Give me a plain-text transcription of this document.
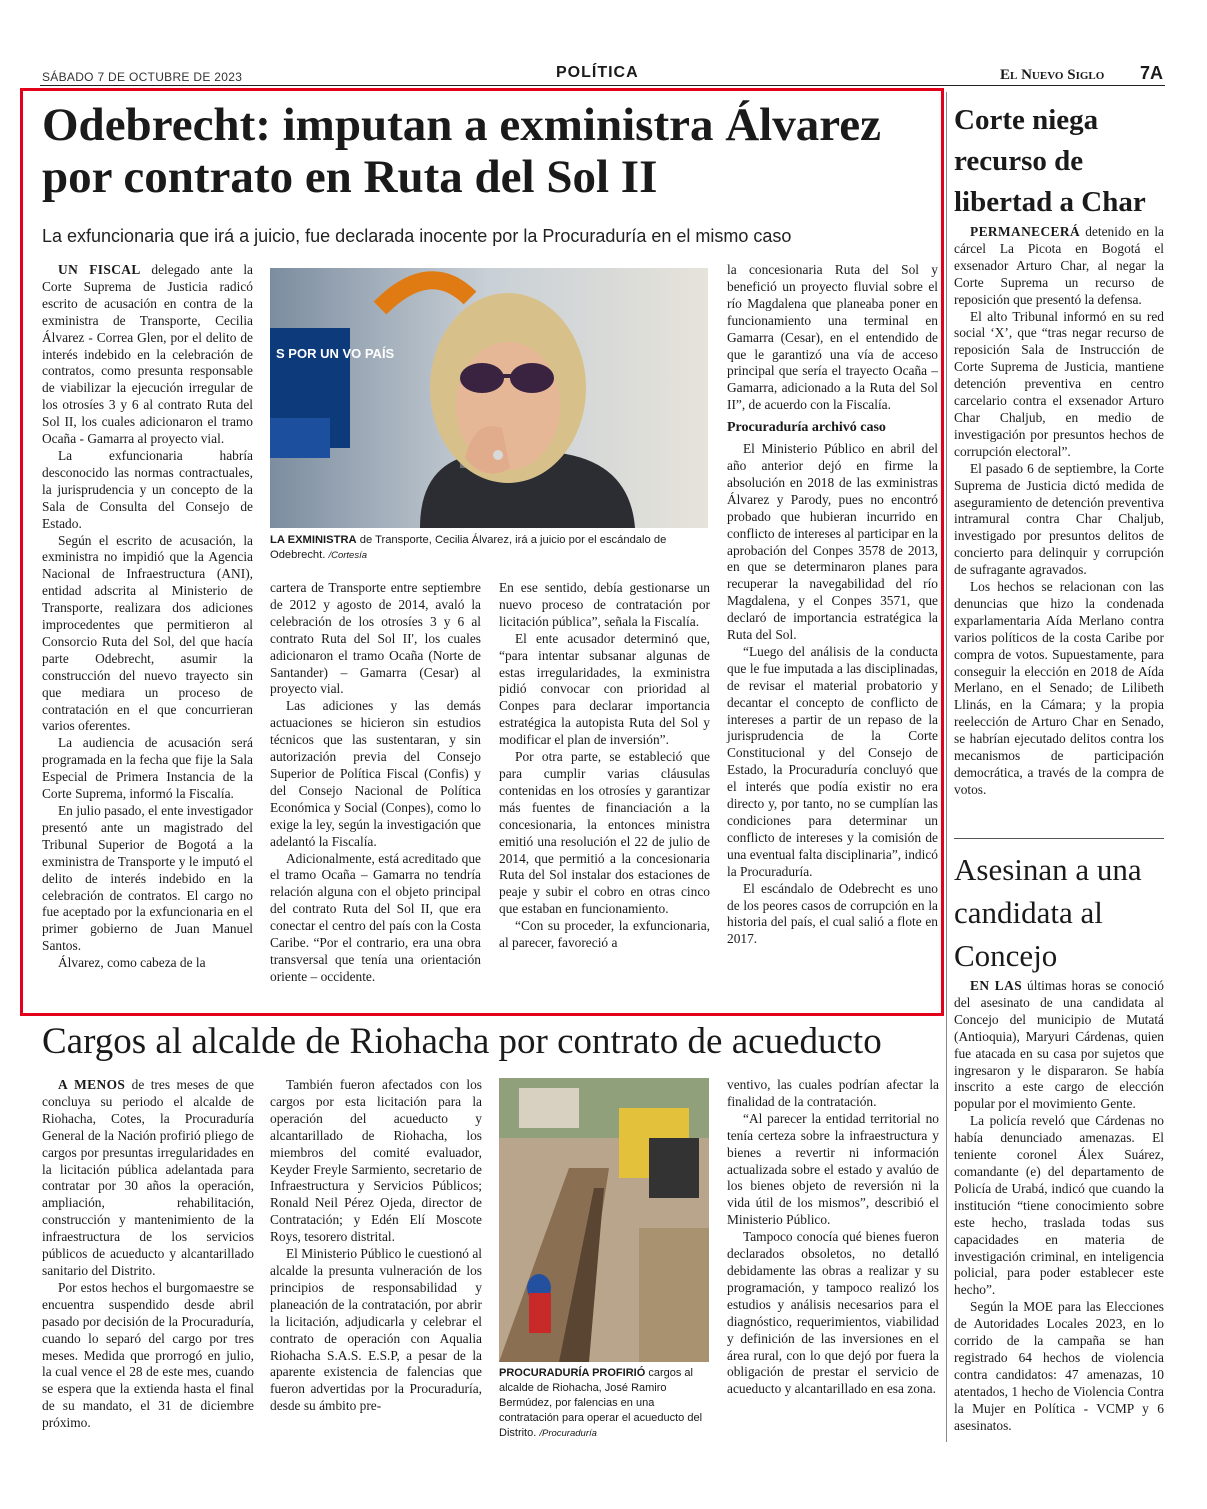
SÁBADO 7 DE OCTUBRE DE 2023	POLÍTICA	El Nuevo Siglo 7A
Odebrecht: imputan a exministra Álvarez por contrato en Ruta del Sol II
La exfuncionaria que irá a juicio, fue declarada inocente por la Procuraduría en el mismo caso

UN FISCAL delegado ante la Corte Suprema de Justicia radicó escrito de acusación en contra de la exministra de Transporte, Cecilia Álvarez - Correa Glen, por el delito de interés indebido en la celebración de contratos, como presunta responsable de viabilizar la ejecución irregular de los otrosíes 3 y 6 al contrato Ruta del Sol II, los cuales adicionaron el tramo Ocaña - Gamarra al proyecto vial.

La exfuncionaria habría desconocido las normas contractuales, la jurisprudencia y un concepto de la Sala de Consulta del Consejo de Estado.

Según el escrito de acusación, la exministra no impidió que la Agencia Nacional de Infraestructura (ANI), entidad adscrita al Ministerio de Transporte, realizara dos adiciones improcedentes que permitieron al Consorcio Ruta del Sol, del que hacía parte Odebrecht, asumir la construcción del nuevo trayecto sin que mediara un proceso de contratación en el que concurrieran varios oferentes.

La audiencia de acusación será programada en la fecha que fije la Sala Especial de Primera Instancia de la Corte Suprema, informó la Fiscalía.

En julio pasado, el ente investigador presentó ante un magistrado del Tribunal Superior de Bogotá a la exministra de Transporte y le imputó el delito de interés indebido en la celebración de contratos. El cargo no fue aceptado por la exfuncionaria en el primer gobierno de Juan Manuel Santos.

Álvarez, como cabeza de la

S POR UN VO PAÍS
LA EXMINISTRA de Transporte, Cecilia Álvarez, irá a juicio por el escándalo de Odebrecht. /Cortesía

cartera de Transporte entre septiembre de 2012 y agosto de 2014, avaló la celebración de los otrosíes 3 y 6 al contrato Ruta del Sol II', los cuales adicionaron el tramo Ocaña (Norte de Santander) – Gamarra (Cesar) al proyecto vial.

Las adiciones y las demás actuaciones se hicieron sin estudios técnicos que las sustentaran, y sin autorización previa del Consejo Superior de Política Fiscal (Confis) y del Consejo Nacional de Política Económica y Social (Conpes), como lo exige la ley, según la investigación que adelantó la Fiscalía.

Adicionalmente, está acreditado que el tramo Ocaña – Gamarra no tendría relación alguna con el objeto principal del contrato Ruta del Sol II, que era conectar el centro del país con la Costa Caribe. “Por el contrario, era una obra transversal que tenía una orientación oriente – occidente.

En ese sentido, debía gestionarse un nuevo proceso de contratación por licitación pública”, señala la Fiscalía.

El ente acusador determinó que, “para intentar subsanar algunas de estas irregularidades, la exministra pidió convocar con prioridad al Conpes para declarar importancia estratégica la autopista Ruta del Sol y modificar el plan de inversión”.

Por otra parte, se estableció que para cumplir varias cláusulas contenidas en los otrosíes y garantizar más fuentes de financiación a la concesionaria, la entonces ministra emitió una resolución el 22 de julio de 2014, que permitió a la concesionaria Ruta del Sol instalar dos estaciones de peaje y subir el cobro en otras cinco que estaban en funcionamiento.

“Con su proceder, la exfuncionaria, al parecer, favoreció a

la concesionaria Ruta del Sol y benefició un proyecto fluvial sobre el río Magdalena que planeaba poner en funcionamiento una terminal en Gamarra (Cesar), en el entendido de que le garantizó una vía de acceso principal que sería el trayecto Ocaña – Gamarra, adicionado a la Ruta del Sol II”, de acuerdo con la Fiscalía.

Procuraduría archivó caso

El Ministerio Público en abril del año anterior dejó en firme la absolución en 2018 de las exministras Álvarez y Parody, pues no encontró probado que hubieran incurrido en conflicto de intereses al participar en la aprobación del Conpes 3578 de 2013, en que se determinaron planes para recuperar la navegabilidad del río Magdalena, y el Conpes 3571, que declaró de importancia estratégica la Ruta del Sol.

“Luego del análisis de la conducta que le fue imputada a las disciplinadas, de revisar el material probatorio y decantar el concepto de conflicto de intereses a partir de un repaso de la jurisprudencia de la Corte Constitucional y del Consejo de Estado, la Procuraduría concluyó que el interés que podía existir no era directo y, por tanto, no se cumplían las condiciones para determinar un conflicto de intereses y la comisión de una eventual falta disciplinaria”, indicó la Procuraduría.

El escándalo de Odebrecht es uno de los peores casos de corrupción en la historia del país, el cual salió a flote en 2017.

Corte niega recurso de libertad a Char

PERMANECERÁ detenido en la cárcel La Picota en Bogotá el exsenador Arturo Char, al negar la Corte Suprema un recurso de reposición que presentó la defensa.

El alto Tribunal informó en su red social ‘X’, que “tras negar recurso de reposición Sala de Instrucción de Corte Suprema de Justicia, mantiene detención preventiva en centro carcelario contra el exsenador Arturo Char Chaljub, en medio de investigación por presuntos hechos de corrupción electoral”.

El pasado 6 de septiembre, la Corte Suprema de Justicia dictó medida de aseguramiento de detención preventiva intramural contra Char Chaljub, investigado por presuntos delitos de concierto para delinquir y corrupción de sufragante agravados.

Los hechos se relacionan con las denuncias que hizo la condenada exparlamentaria Aída Merlano contra varios políticos de la costa Caribe por compra de votos. Supuestamente, para conseguir la elección en 2018 de Aída Merlano, en el Senado; de Lilibeth Llinás, en la Cámara; y la propia reelección de Arturo Char en Senado, se habrían ejecutado delitos contra los mecanismos de participación democrática, a través de la compra de votos.

Asesinan a una candidata al Concejo

EN LAS últimas horas se conoció del asesinato de una candidata al Concejo del municipio de Mutatá (Antioquia), Maryuri Cárdenas, quien fue atacada en su casa por sujetos que ingresaron y le dispararon. Se había inscrito a este cargo de elección popular por el movimiento Gente.

La policía reveló que Cárdenas no había denunciado amenazas. El teniente coronel Álex Suárez, comandante (e) del departamento de Policía de Urabá, indicó que cuando la institución “tiene conocimiento sobre este hecho, traslada todas sus capacidades en materia de investigación criminal, en inteligencia policial, para poder establecer este hecho”.

Según la MOE para las Elecciones de Autoridades Locales 2023, en lo corrido de la campaña se han registrado 64 hechos de violencia contra candidatos: 47 amenazas, 10 atentados, 1 hecho de Violencia Contra la Mujer en Política - VCMP y 6 asesinatos.

Cargos al alcalde de Riohacha por contrato de acueducto

A MENOS de tres meses de que concluya su periodo el alcalde de Riohacha, Cotes, la Procuraduría General de la Nación profirió pliego de cargos por presuntas irregularidades en la licitación pública adelantada para contratar por 30 años la operación, ampliación, rehabilitación, construcción y mantenimiento de la infraestructura de los servicios públicos de acueducto y alcantarillado sanitario del Distrito.

Por estos hechos el burgomaestre se encuentra suspendido desde abril pasado por decisión de la Procuraduría, cuando lo separó del cargo por tres meses. Medida que prorrogó en julio, la cual vence el 28 de este mes, cuando se espera que la extienda hasta el final de su mandato, el 31 de diciembre próximo.

También fueron afectados con los cargos por esta licitación para la operación del acueducto y alcantarillado de Riohacha, los miembros del comité evaluador, Keyder Freyle Sarmiento, secretario de Infraestructura y Servicios Públicos; Ronald Neil Pérez Ojeda, director de Contratación; y Edén Elí Moscote Roys, tesorero distrital.

El Ministerio Público le cuestionó al alcalde la presunta vulneración de los principios de responsabilidad y planeación de la contratación, por abrir la licitación, adjudicarla y celebrar el contrato de operación con Aqualia Riohacha S.A.S. E.S.P, a pesar de la aparente existencia de falencias que fueron advertidas por la Procuraduría, desde su ámbito pre-

PROCURADURÍA PROFIRIÓ cargos al alcalde de Riohacha, José Ramiro Bermúdez, por falencias en una contratación para operar el acueducto del Distrito. /Procuraduría

ventivo, las cuales podrían afectar la finalidad de la contratación.

“Al parecer la entidad territorial no tenía certeza sobre la infraestructura y bienes a revertir ni información actualizada sobre el estado y avalúo de los bienes objeto de reversión ni la vida útil de los mismos”, describió el Ministerio Público.

Tampoco conocía qué bienes fueron declarados obsoletos, no detalló debidamente las obras a realizar y su programación, y tampoco realizó los estudios y análisis necesarios para el diagnóstico, requerimientos, viabilidad y definición de las inversiones en el área rural, con lo que dejó por fuera la obligación de prestar el servicio de acueducto y alcantarillado en esa zona.
